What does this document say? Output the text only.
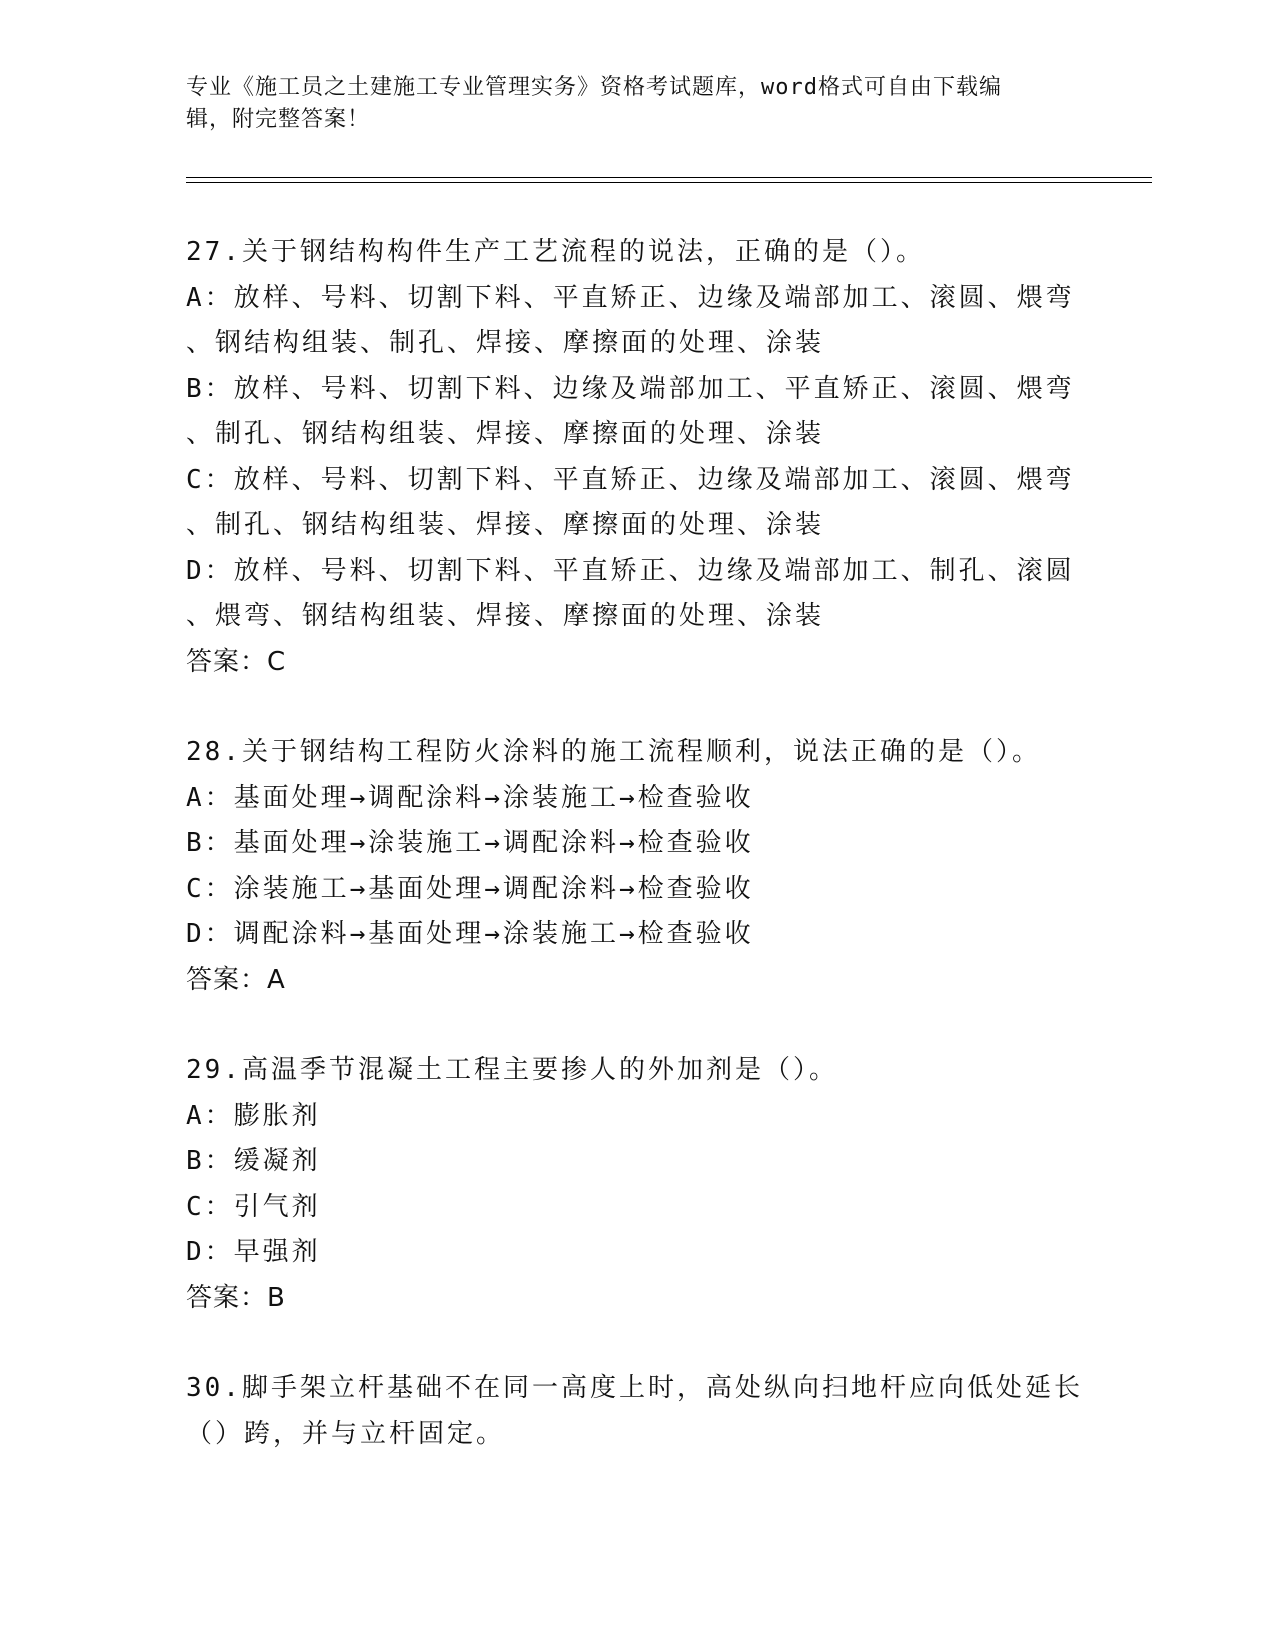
专业《施工员之土建施工专业管理实务》资格考试题库，word格式可自由下载编
辑，附完整答案！
27.关于钢结构构件生产工艺流程的说法，正确的是（）。
A：放样、号料、切割下料、平直矫正、边缘及端部加工、滚圆、煨弯
、钢结构组装、制孔、焊接、摩擦面的处理、涂装
B：放样、号料、切割下料、边缘及端部加工、平直矫正、滚圆、煨弯
、制孔、钢结构组装、焊接、摩擦面的处理、涂装
C：放样、号料、切割下料、平直矫正、边缘及端部加工、滚圆、煨弯
、制孔、钢结构组装、焊接、摩擦面的处理、涂装
D：放样、号料、切割下料、平直矫正、边缘及端部加工、制孔、滚圆
、煨弯、钢结构组装、焊接、摩擦面的处理、涂装
答案：C
28.关于钢结构工程防火涂料的施工流程顺利，说法正确的是（）。
A：基面处理→调配涂料→涂装施工→检查验收
B：基面处理→涂装施工→调配涂料→检查验收
C：涂装施工→基面处理→调配涂料→检查验收
D：调配涂料→基面处理→涂装施工→检查验收
答案：A
29.高温季节混凝土工程主要掺人的外加剂是（）。
A：膨胀剂
B：缓凝剂
C：引气剂
D：早强剂
答案：B
30.脚手架立杆基础不在同一高度上时，高处纵向扫地杆应向低处延长
（）跨，并与立杆固定。
